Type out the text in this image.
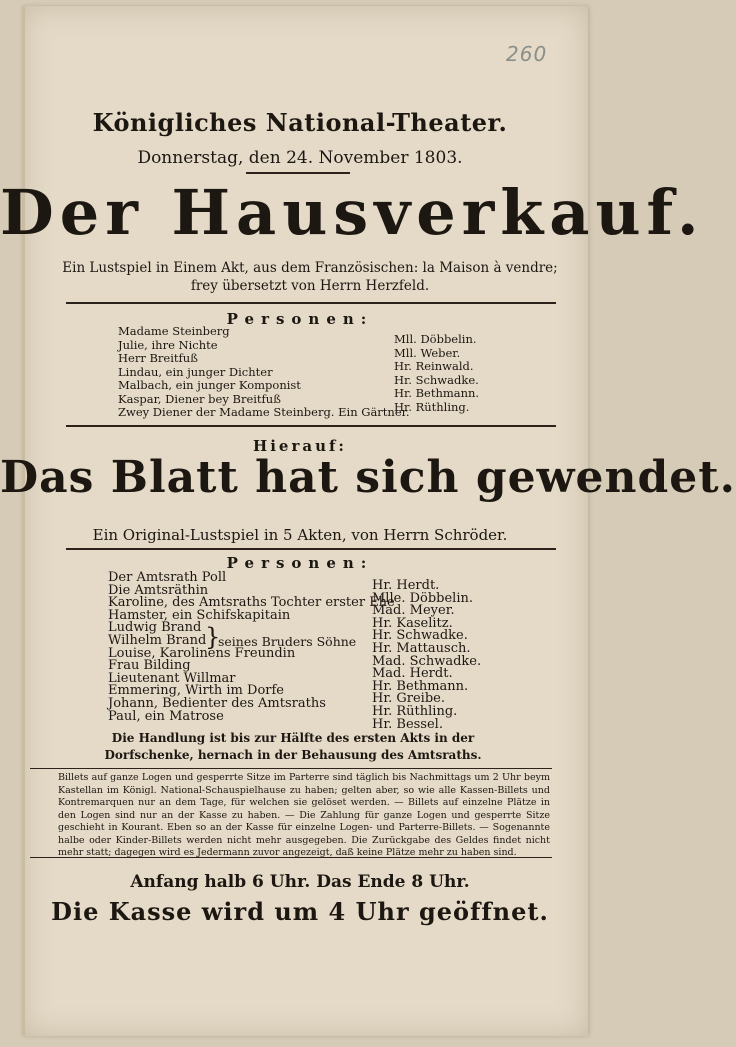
260
Königliches National-Theater.
Donnerstag, den 24. November 1803.
Der Hausverkauf.
Ein Lustspiel in Einem Akt, aus dem Französischen: la Maison à vendre;
frey übersetzt von Herrn Herzfeld.
Personen:
Madame Steinberg
Mll. Döbbelin.
Julie, ihre Nichte
Mll. Weber.
Herr Breitfuß
Hr. Reinwald.
Lindau, ein junger Dichter
Hr. Schwadke.
Malbach, ein junger Komponist
Hr. Bethmann.
Kaspar, Diener bey Breitfuß
Hr. Rüthling.
Zwey Diener der Madame Steinberg. Ein Gärtner.
Hierauf:
Das Blatt hat sich gewendet.
Ein Original-Lustspiel in 5 Akten, von Herrn Schröder.
Personen:
Der Amtsrath Poll
Hr. Herdt.
Die Amtsräthin
Mlle. Döbbelin.
Karoline, des Amtsraths Tochter erster Ehe
Mad. Meyer.
Hamster, ein Schifskapitain
Hr. Kaselitz.
Ludwig Brand
Hr. Schwadke.
Wilhelm Brand
Hr. Mattausch.
Louise, Karolinens Freundin
Mad. Schwadke.
Frau Bilding
Mad. Herdt.
Lieutenant Willmar
Hr. Bethmann.
Emmering, Wirth im Dorfe
Hr. Greibe.
Johann, Bedienter des Amtsraths
Hr. Rüthling.
Paul, ein Matrose
Hr. Bessel.
}
seines Bruders Söhne
Die Handlung ist bis zur Hälfte des ersten Akts in der Dorfschenke, hernach in der Behausung des Amtsraths.
Billets auf ganze Logen und gesperrte Sitze im Parterre sind täglich bis Nachmittags um 2 Uhr beym Kastellan im Königl. National-Schauspielhause zu haben; gelten aber, so wie alle Kassen-Billets und Kontremarquen nur an dem Tage, für welchen sie gelöset werden. — Billets auf einzelne Plätze in den Logen sind nur an der Kasse zu haben. — Die Zahlung für ganze Logen und gesperrte Sitze geschieht in Kourant. Eben so an der Kasse für einzelne Logen- und Parterre-Billets. — Sogenannte halbe oder Kinder-Billets werden nicht mehr ausgegeben. Die Zurückgabe des Geldes findet nicht mehr statt; dagegen wird es Jedermann zuvor angezeigt, daß keine Plätze mehr zu haben sind.
Anfang halb 6 Uhr. Das Ende 8 Uhr.
Die Kasse wird um 4 Uhr geöffnet.
